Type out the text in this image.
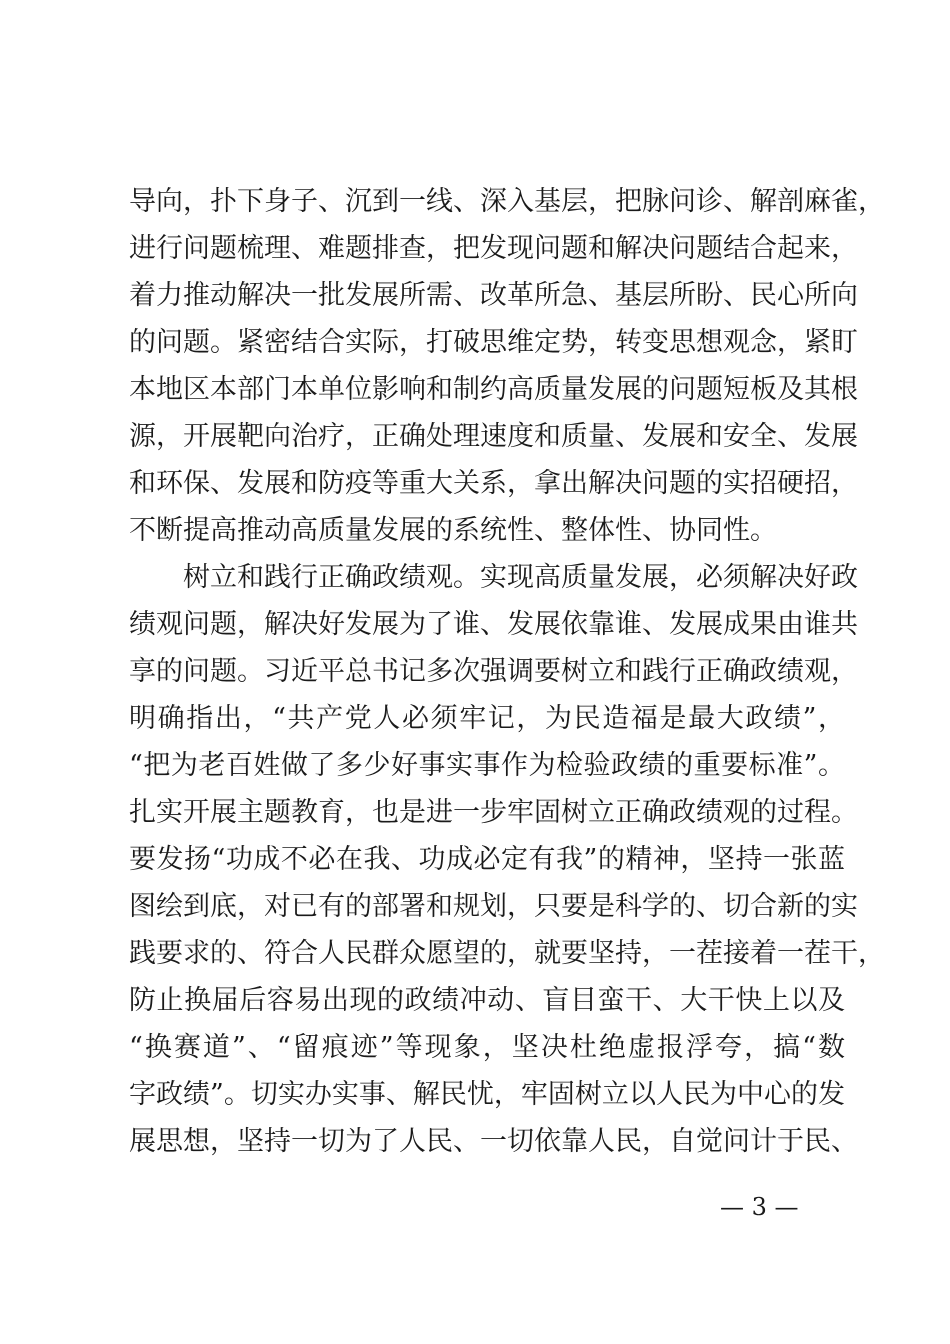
导向，扑下身子、沉到一线、深入基层，把脉问诊、解剖麻雀，
进行问题梳理、难题排查，把发现问题和解决问题结合起来，
着力推动解决一批发展所需、改革所急、基层所盼、民心所向
的问题。紧密结合实际，打破思维定势，转变思想观念，紧盯
本地区本部门本单位影响和制约高质量发展的问题短板及其根
源，开展靶向治疗，正确处理速度和质量、发展和安全、发展
和环保、发展和防疫等重大关系，拿出解决问题的实招硬招，
不断提高推动高质量发展的系统性、整体性、协同性。
树立和践行正确政绩观。实现高质量发展，必须解决好政
绩观问题，解决好发展为了谁、发展依靠谁、发展成果由谁共
享的问题。习近平总书记多次强调要树立和践行正确政绩观，
明确指出，“共产党人必须牢记，为民造福是最大政绩”，
“把为老百姓做了多少好事实事作为检验政绩的重要标准”。
扎实开展主题教育，也是进一步牢固树立正确政绩观的过程。
要发扬“功成不必在我、功成必定有我”的精神，坚持一张蓝
图绘到底，对已有的部署和规划，只要是科学的、切合新的实
践要求的、符合人民群众愿望的，就要坚持，一茬接着一茬干，
防止换届后容易出现的政绩冲动、盲目蛮干、大干快上以及
“换赛道”、“留痕迹”等现象，坚决杜绝虚报浮夸，搞“数
字政绩”。切实办实事、解民忧，牢固树立以人民为中心的发
展思想，坚持一切为了人民、一切依靠人民，自觉问计于民、
— 3 —
